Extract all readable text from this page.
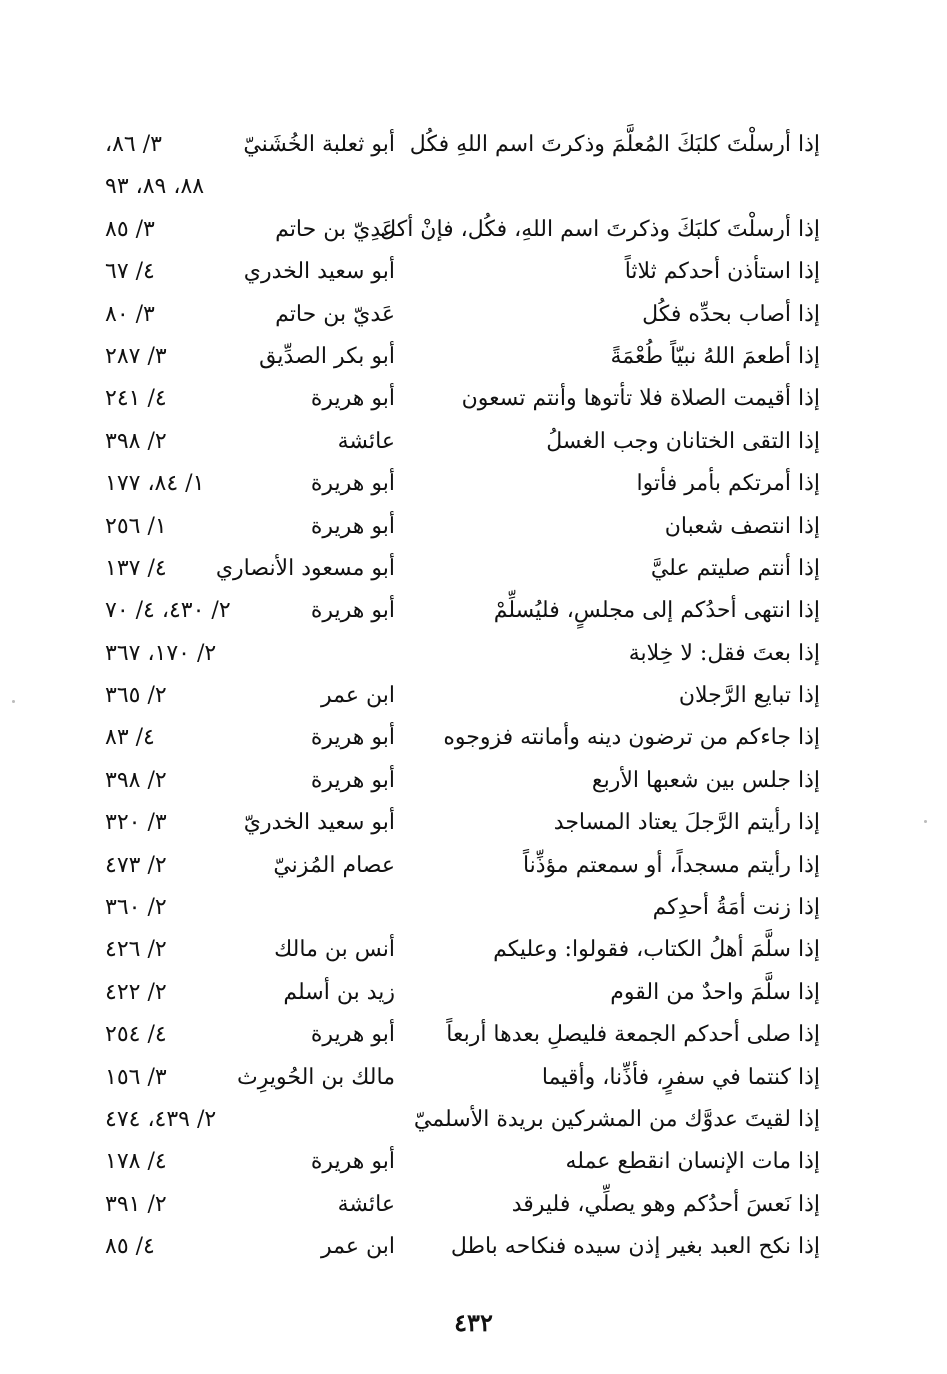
إذا أرسلْتَ كلبَكَ المُعلَّمَ وذكرتَ اسم اللهِ فكُل
أبو ثعلبة الخُشَنيّ
٣/ ٨٦،
٨٨، ٨٩، ٩٣
إذا أرسلْتَ كلبَكَ وذكرتَ اسم اللهِ، فكُل، فإنْ أكل
عَدِيّ بن حاتم
٣/ ٨٥
إذا استأذن أحدكم ثلاثاً
أبو سعيد الخدري
٤/ ٦٧
إذا أصاب بحدِّه فكُل
عَديّ بن حاتم
٣/ ٨٠
إذا أطعمَ اللهُ نبيّاً طُعْمَةً
أبو بكر الصدِّيق
٣/ ٢٨٧
إذا أقيمت الصلاة فلا تأتوها وأنتم تسعون
أبو هريرة
٤/ ٢٤١
إذا التقى الختانان وجب الغسلُ
عائشة
٢/ ٣٩٨
إذا أمرتكم بأمر فأتوا
أبو هريرة
١/ ٨٤، ١٧٧
إذا انتصف شعبان
أبو هريرة
١/ ٢٥٦
إذا أنتم صليتم عليَّ
أبو مسعود الأنصاري
٤/ ١٣٧
إذا انتهى أحدُكم إلى مجلسٍ، فليُسلِّمْ
أبو هريرة
٢/ ٤٣٠، ٤/ ٧٠
إذا بعتَ فقل: لا خِلابة
٢/ ١٧٠، ٣٦٧
إذا تبايع الرَّجلان
ابن عمر
٢/ ٣٦٥
إذا جاءكم من ترضون دينه وأمانته فزوجوه
أبو هريرة
٤/ ٨٣
إذا جلس بين شعبها الأربع
أبو هريرة
٢/ ٣٩٨
إذا رأيتم الرَّجلَ يعتاد المساجد
أبو سعيد الخدريّ
٣/ ٣٢٠
إذا رأيتم مسجداً، أو سمعتم مؤذِّناً
عصام المُزنيّ
٢/ ٤٧٣
إذا زنت أمَةُ أحدِكم
٢/ ٣٦٠
إذا سلَّمَ أهلُ الكتاب، فقولوا: وعليكم
أنس بن مالك
٢/ ٤٢٦
إذا سلَّمَ واحدٌ من القوم
زيد بن أسلم
٢/ ٤٢٢
إذا صلى أحدكم الجمعة فليصلِ بعدها أربعاً
أبو هريرة
٤/ ٢٥٤
إذا كنتما في سفرٍ، فأذِّنا، وأقيما
مالك بن الحُويرِث
٣/ ١٥٦
إذا لقيتَ عدوَّك من المشركين بريدة الأسلميّ
٢/ ٤٣٩، ٤٧٤
إذا مات الإنسان انقطع عمله
أبو هريرة
٤/ ١٧٨
إذا نَعسَ أحدُكم وهو يصلِّي، فليرقد
عائشة
٢/ ٣٩١
إذا نكح العبد بغير إذن سيده فنكاحه باطل
ابن عمر
٤/ ٨٥
٤٣٢
